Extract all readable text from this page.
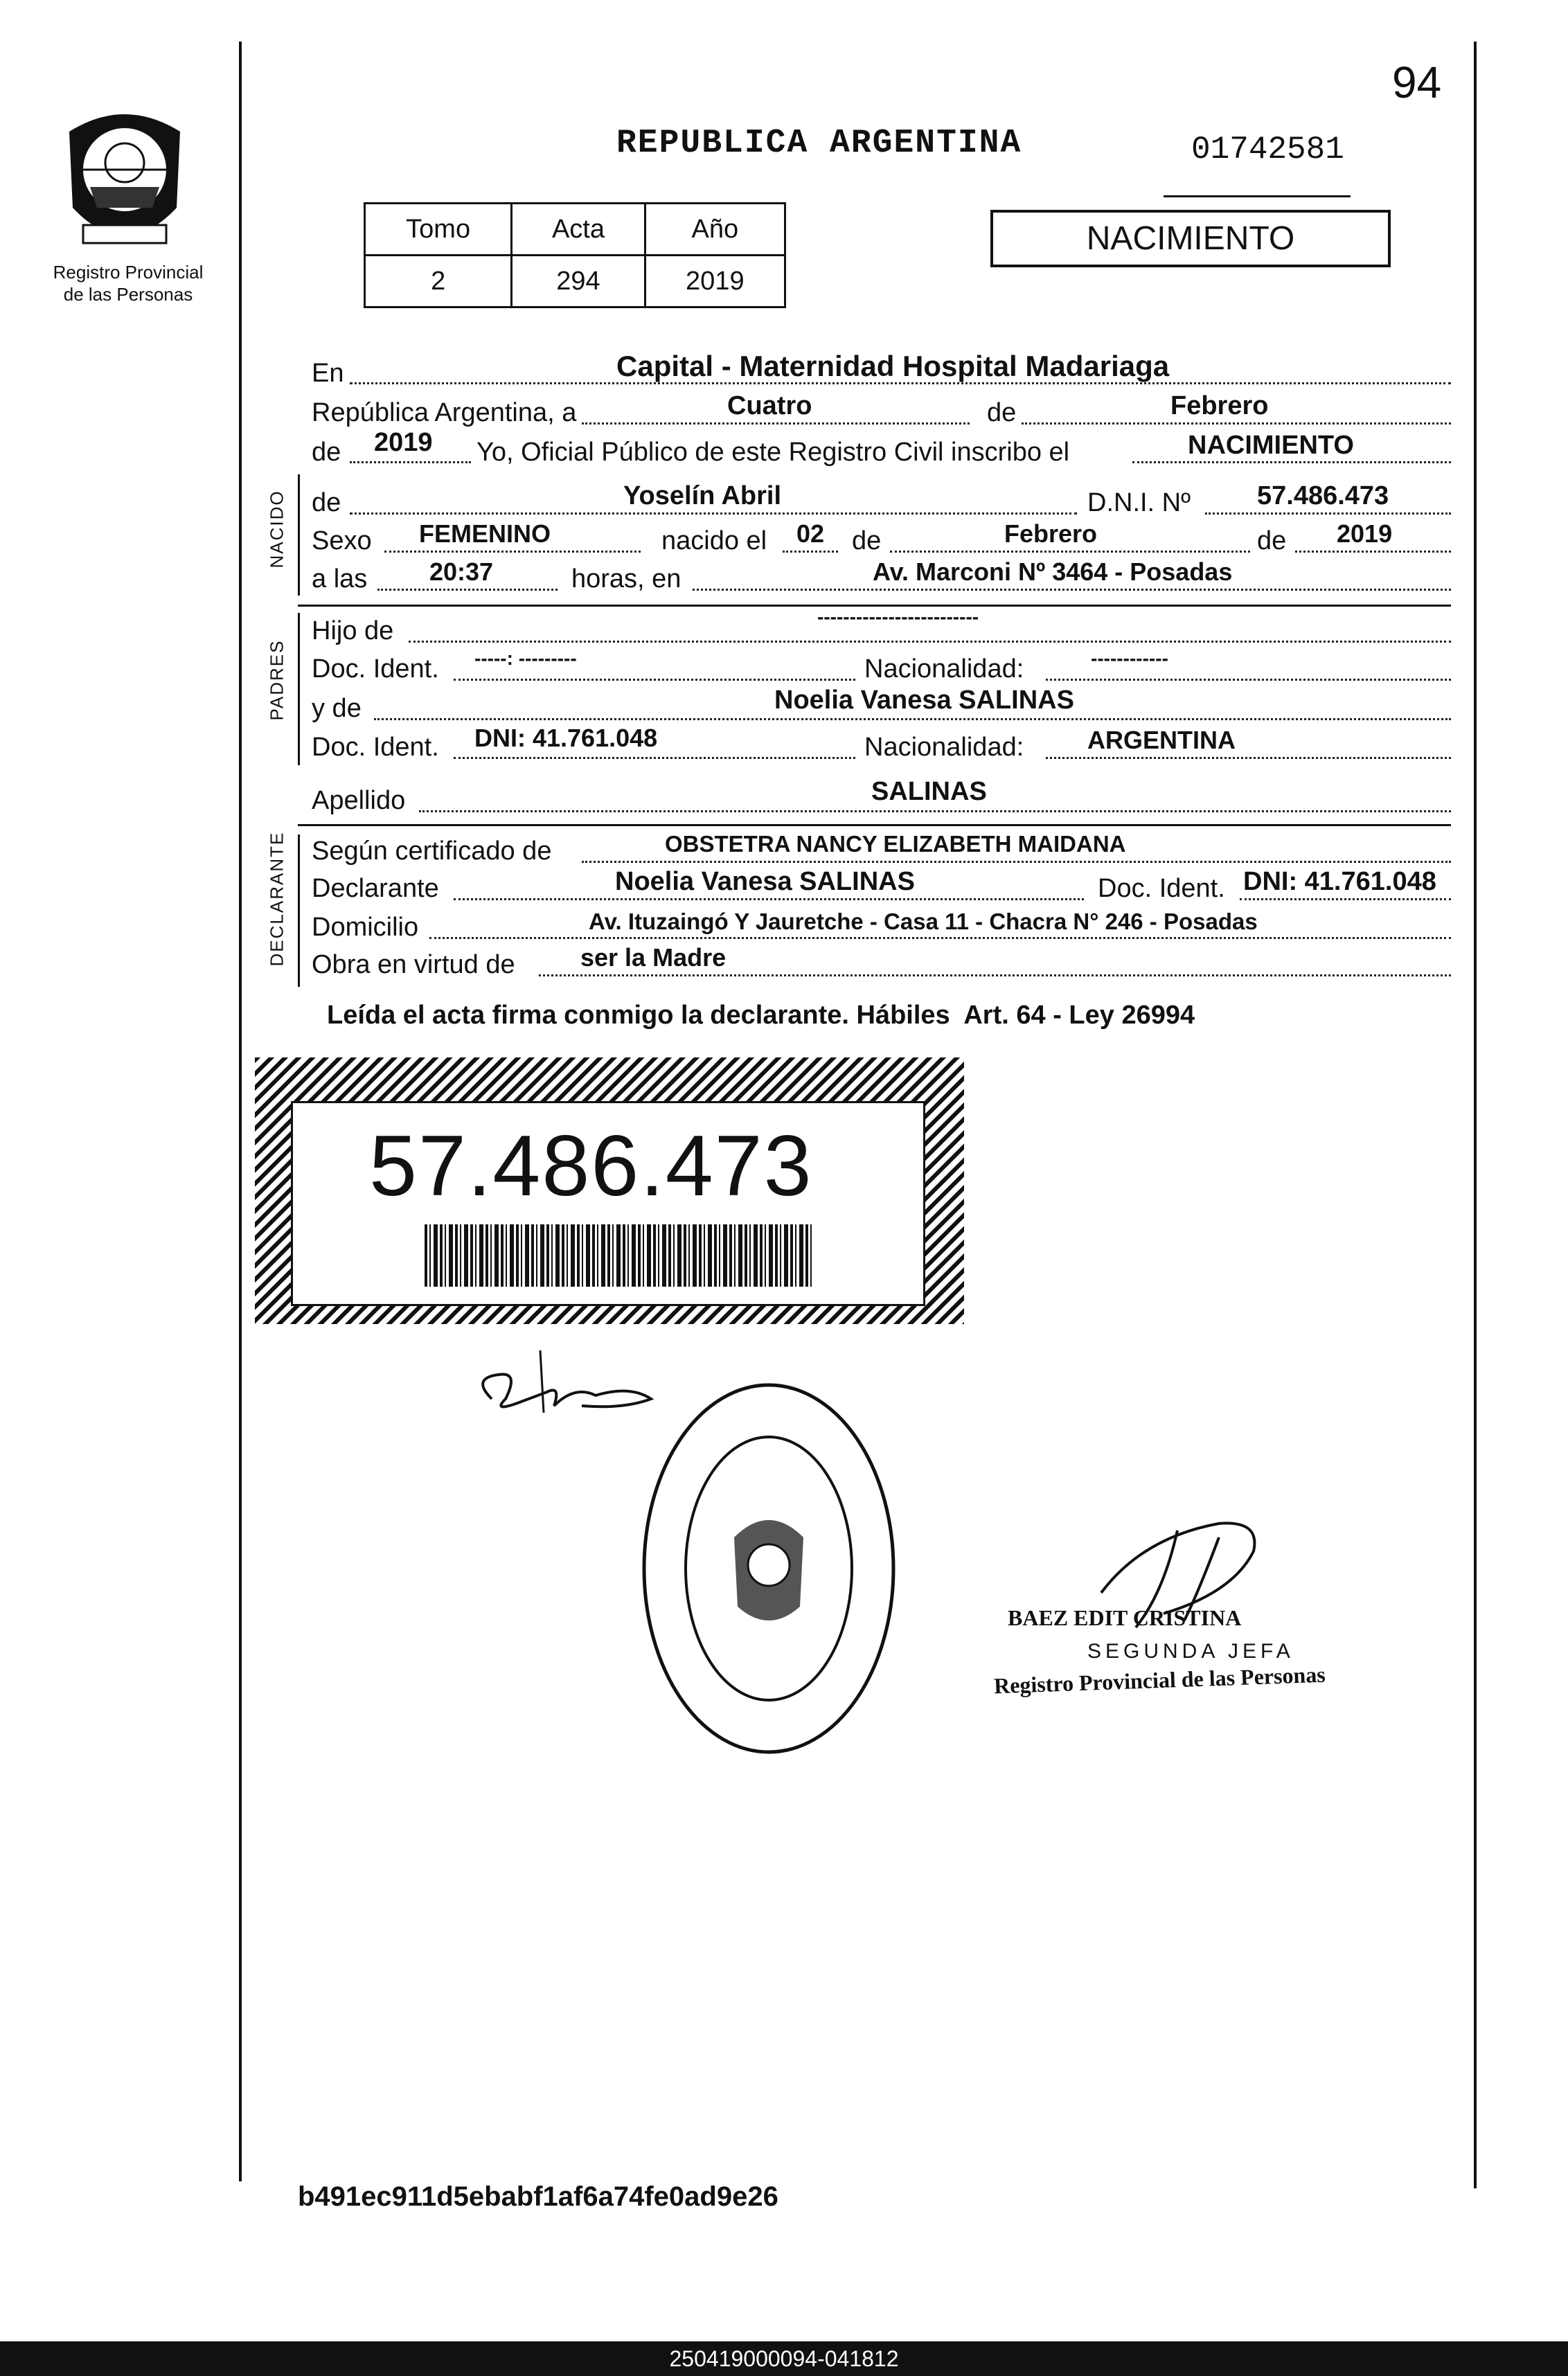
94
Registro Provincial
de las Personas
REPUBLICA ARGENTINA	01742581
Tomo	Acta	Año
2	294	2019
NACIMIENTO
En	Capital - Maternidad Hospital Madariaga
República Argentina, a	Cuatro	de	Febrero
de 2019 Yo, Oficial Público de este Registro Civil inscribo el	NACIMIENTO
NACIDO de	Yoselín Abril	D.N.I. Nº	57.486.473
Sexo FEMENINO	nacido el 02 de	Febrero	de 2019
a las 20:37	horas, en	Av. Marconi Nº 3464 - Posadas
PADRES
Hijo de	-------------------------
Doc. Ident. -----: ---------	Nacionalidad:	------------
y de	Noelia Vanesa SALINAS
Doc. Ident. DNI: 41.761.048	Nacionalidad:	ARGENTINA
Apellido	SALINAS
DECLARANTE Según certificado de	OBSTETRA NANCY ELIZABETH MAIDANA
Declarante	Noelia Vanesa SALINAS	Doc. Ident. DNI: 41.761.048
Domicilio	Av. Ituzaingó Y Jauretche - Casa 11 - Chacra N° 246 - Posadas
Obra en virtud de	ser la Madre
Leída el acta firma conmigo la declarante. Hábiles  Art. 64 - Ley 26994
57.486.473
BAEZ EDIT CRISTINA
SEGUNDA JEFA
Registro Provincial de las Personas
b491ec911d5ebabf1af6a74fe0ad9e26
250419000094-041812
